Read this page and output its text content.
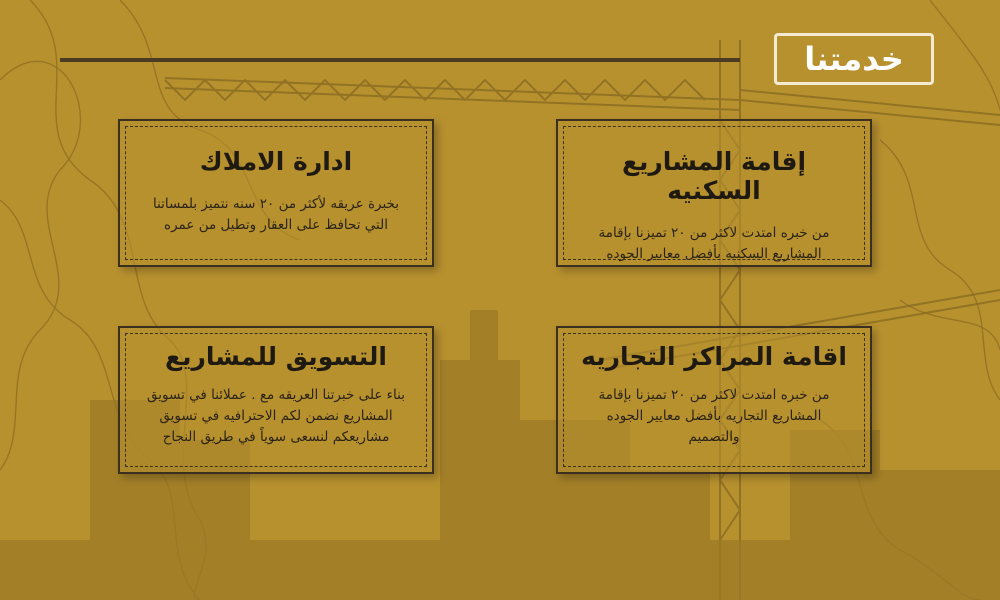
خدمتنا
إقامة المشاريع السكنيه

من خبره امتدت لاكثر من ٢٠ تميزنا بإقامة المشاريع السكنيه بأفضل معايير الجوده

ادارة الاملاك

بخبرة عريقه لأكثر من ٢٠ سنه نتميز بلمساتنا التي تحافظ على العقار وتطيل من عمره

اقامة المراكز التجاريه

من خبره امتدت لاكثر من ٢٠ تميزنا بإقامة المشاريع التجاريه بأفضل معايير الجوده والتصميم

التسويق للمشاريع

بناء على خبرتنا العريقه مع . عملائنا في تسويق المشاريع نضمن لكم الاحترافيه في تسويق مشاريعكم لنسعى سوياً في طريق النجاح
